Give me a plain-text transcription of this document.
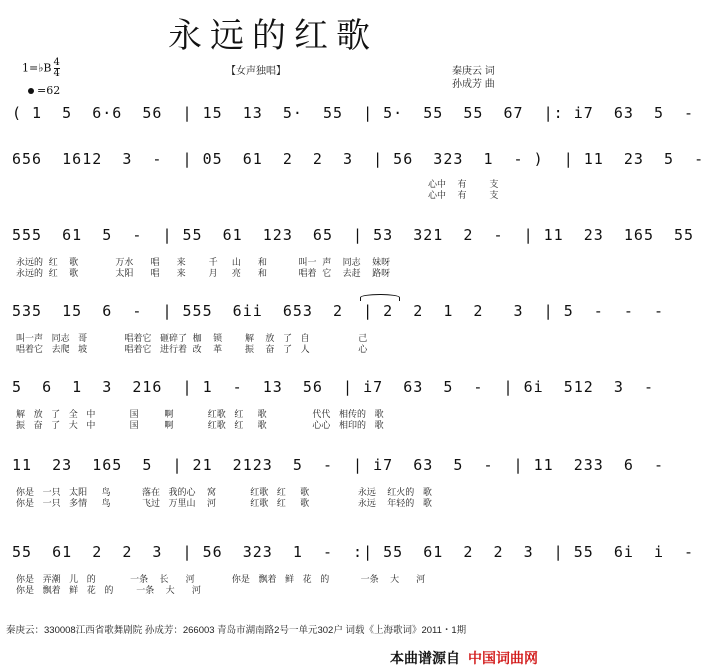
永远的红歌
1=♭B $\frac{4}{4}$
=62
【女声独唱】	秦庚云 词
孙成芳 曲
( 1  5  6·6  56  | 15  13  5·  55  | 5·  55  55  67  |: i7  63  5  -
656  1612  3  -  | 05  61  2  2  3  | 56  323  1  - )  | 11  23  5  -
心中    有        支
心中    有        支
555  61  5  -  | 55  61  123  65  | 53  321  2  -  | 11  23  165  55
永远的  红    歌             万水      唱      来        千     山      和           叫一  声    同志    妹呀
永远的  红    歌             太阳      唱      来        月     亮      和           唱着  它    去赶    路呀
535  15  6  -  | 555  6ii  653  2  | 2  2  1  2   3  | 5  -  -  -
叫一声   同志   哥             唱着它   砸碎了  枷    锁        解    放   了   自                 己
唱着它   去爬   坡             唱着它   进行着  改    革        振    奋   了   人                 心
5  6  1  3  216  | 1  -  13  56  | i7  63  5  -  | 6i  512  3  -
解   放   了   全   中            国         啊            红歌   红     歌                代代   相传的   歌
振   奋   了   大   中            国         啊            红歌   红     歌                心心   相印的   歌
11  23  165  5  | 21  2123  5  -  | i7  63  5  -  | 11  233  6  -
你是   一只   太阳     鸟           落在   我的心    窝            红歌   红     歌                 永远    红火的   歌
你是   一只   多情     鸟           飞过   万里山    河            红歌   红     歌                 永远    年轻的   歌
55  61  2  2  3  | 56  323  1  -  :| 55  61  2  2  3  | 55  6i  i  -
你是   弄潮   儿   的            一条    长      河             你是   飘着   鲜   花   的           一条    大      河
你是   飘着   鲜   花   的        一条    大      河
秦庚云：330008江西省歌舞剧院 孙成芳：266003 青岛市湖南路2号一单元302户 词载《上海歌词》2011・1期
本曲谱源自 中国词曲网
